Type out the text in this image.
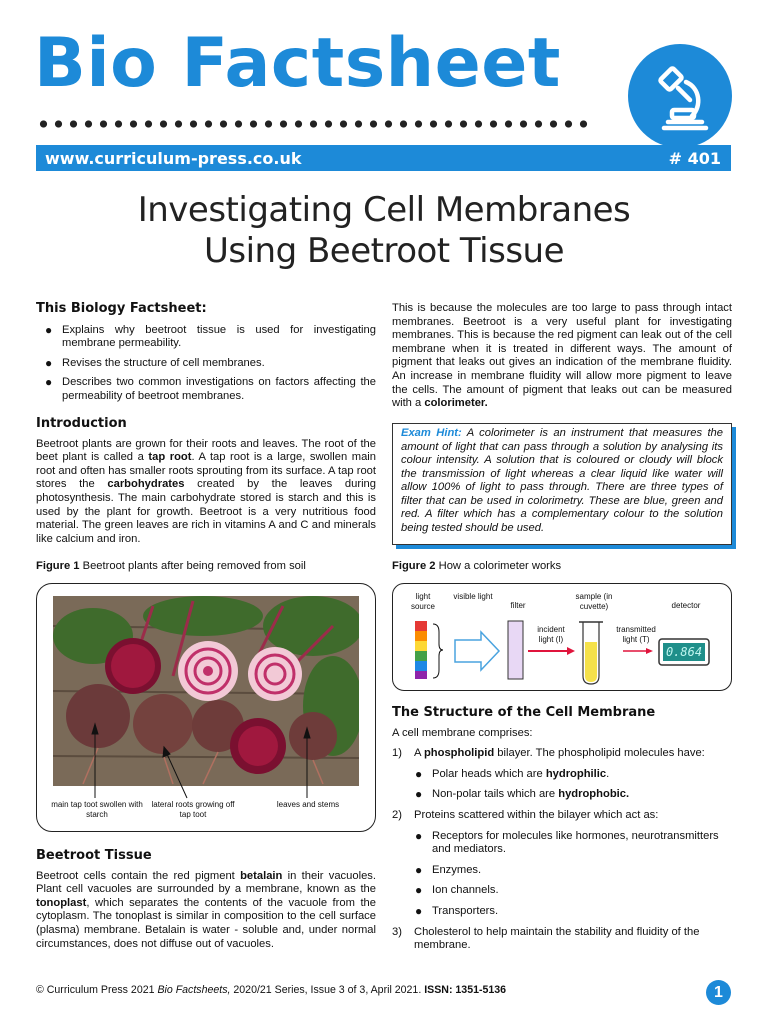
Bio Factsheet
www.curriculum-press.co.uk	# 401
Investigating Cell Membranes
Using Beetroot Tissue
This Biology Factsheet:
● Explains why beetroot tissue is used for investigating membrane permeability.
● Revises the structure of cell membranes.
● Describes two common investigations on factors affecting the permeability of beetroot membranes.
Introduction

Beetroot plants are grown for their roots and leaves. The root of the beet plant is called a tap root. A tap root is a large, swollen main root and often has smaller roots sprouting from its surface. A tap root stores the carbohydrates created by the leaves during photosynthesis. The main carbohydrate stored is starch and this is used by the plant for growth. Beetroot is a very nutritious food material. The green leaves are rich in vitamins A and C and minerals like calcium and iron.

Figure 1 Beetroot plants after being removed from soil
main tap toot swollen with starch
lateral roots growing off tap toot
leaves and stems
Beetroot Tissue

Beetroot cells contain the red pigment betalain in their vacuoles. Plant cell vacuoles are surrounded by a membrane, known as the tonoplast, which separates the contents of the vacuole from the cytoplasm. The tonoplast is similar in composition to the cell surface (plasma) membrane. Betalain is water - soluble and, under normal circumstances, does not diffuse out of vacuoles.

This is because the molecules are too large to pass through intact membranes. Beetroot is a very useful plant for investigating membranes. This is because the red pigment can leak out of the cell membrane when it is treated in different ways. The amount of pigment that leaks out gives an indication of the membrane fluidity. An increase in membrane fluidity will allow more pigment to leave the cells. The amount of pigment that leaks out can be measured with a colorimeter.

Exam Hint: A colorimeter is an instrument that measures the amount of light that can pass through a solution by analysing its colour intensity. A solution that is coloured or cloudy will block the transmission of light whereas a clear liquid like water will allow 100% of light to pass through. There are three types of filter that can be used in colorimetry. These are blue, green and red. A filter which has a complementary colour to the solution being tested should be used.
Figure 2 How a colorimeter works
light source
visible light
filter
sample (in cuvette)	detector
incident light (I)
transmitted light (T)
0.864
The Structure of the Cell Membrane

A cell membrane comprises:

1)	A phospholipid bilayer. The phospholipid molecules have:
● Polar heads which are hydrophilic.
● Non-polar tails which are hydrophobic.
2)	Proteins scattered within the bilayer which act as:
● Receptors for molecules like hormones, neurotransmitters and mediators.
● Enzymes.
● Ion channels.
● Transporters.
3)	Cholesterol to help maintain the stability and fluidity of the membrane.
© Curriculum Press 2021 Bio Factsheets, 2020/21 Series, Issue 3 of 3, April 2021. ISSN: 1351-5136	1
